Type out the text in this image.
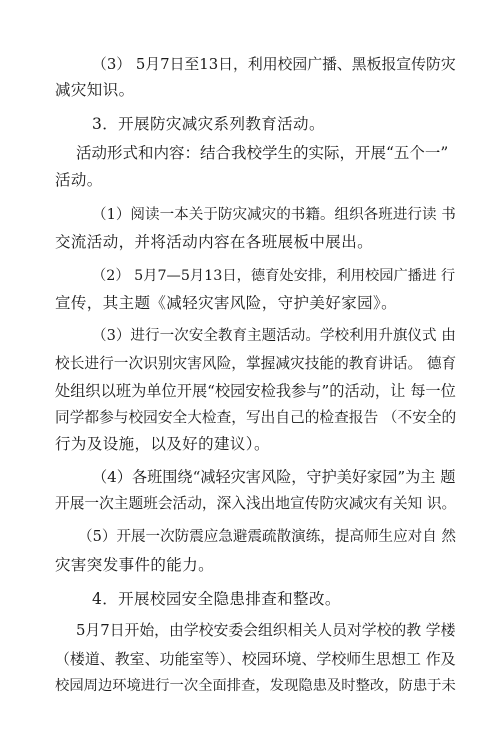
（3） 5月7日至13日，利用校园广播、黑板报宣传防灾
减灾知识。
3．开展防灾减灾系列教育活动。
活动形式和内容：结合我校学生的实际，开展“五个一”
活动。
（1）阅读一本关于防灾减灾的书籍。组织各班进行读 书
交流活动，并将活动内容在各班展板中展出。
（2） 5月7—5月13日，德育处安排，利用校园广播进 行
宣传，其主题《减轻灾害风险，守护美好家园》。
（3）进行一次安全教育主题活动。学校利用升旗仪式 由
校长进行一次识别灾害风险，掌握减灾技能的教育讲话。 德育
处组织以班为单位开展“校园安检我参与”的活动，让 每一位
同学都参与校园安全大检查，写出自己的检查报告 （不安全的
行为及设施，以及好的建议）。
（4）各班围绕“减轻灾害风险，守护美好家园”为主 题
开展一次主题班会活动，深入浅出地宣传防灾减灾有关知 识。
（5）开展一次防震应急避震疏散演练，提高师生应对自 然
灾害突发事件的能力。
4．开展校园安全隐患排查和整改。
5月7日开始，由学校安委会组织相关人员对学校的教 学楼
（楼道、教室、功能室等）、校园环境、学校师生思想工 作及
校园周边环境进行一次全面排查，发现隐患及时整改，防患于未
